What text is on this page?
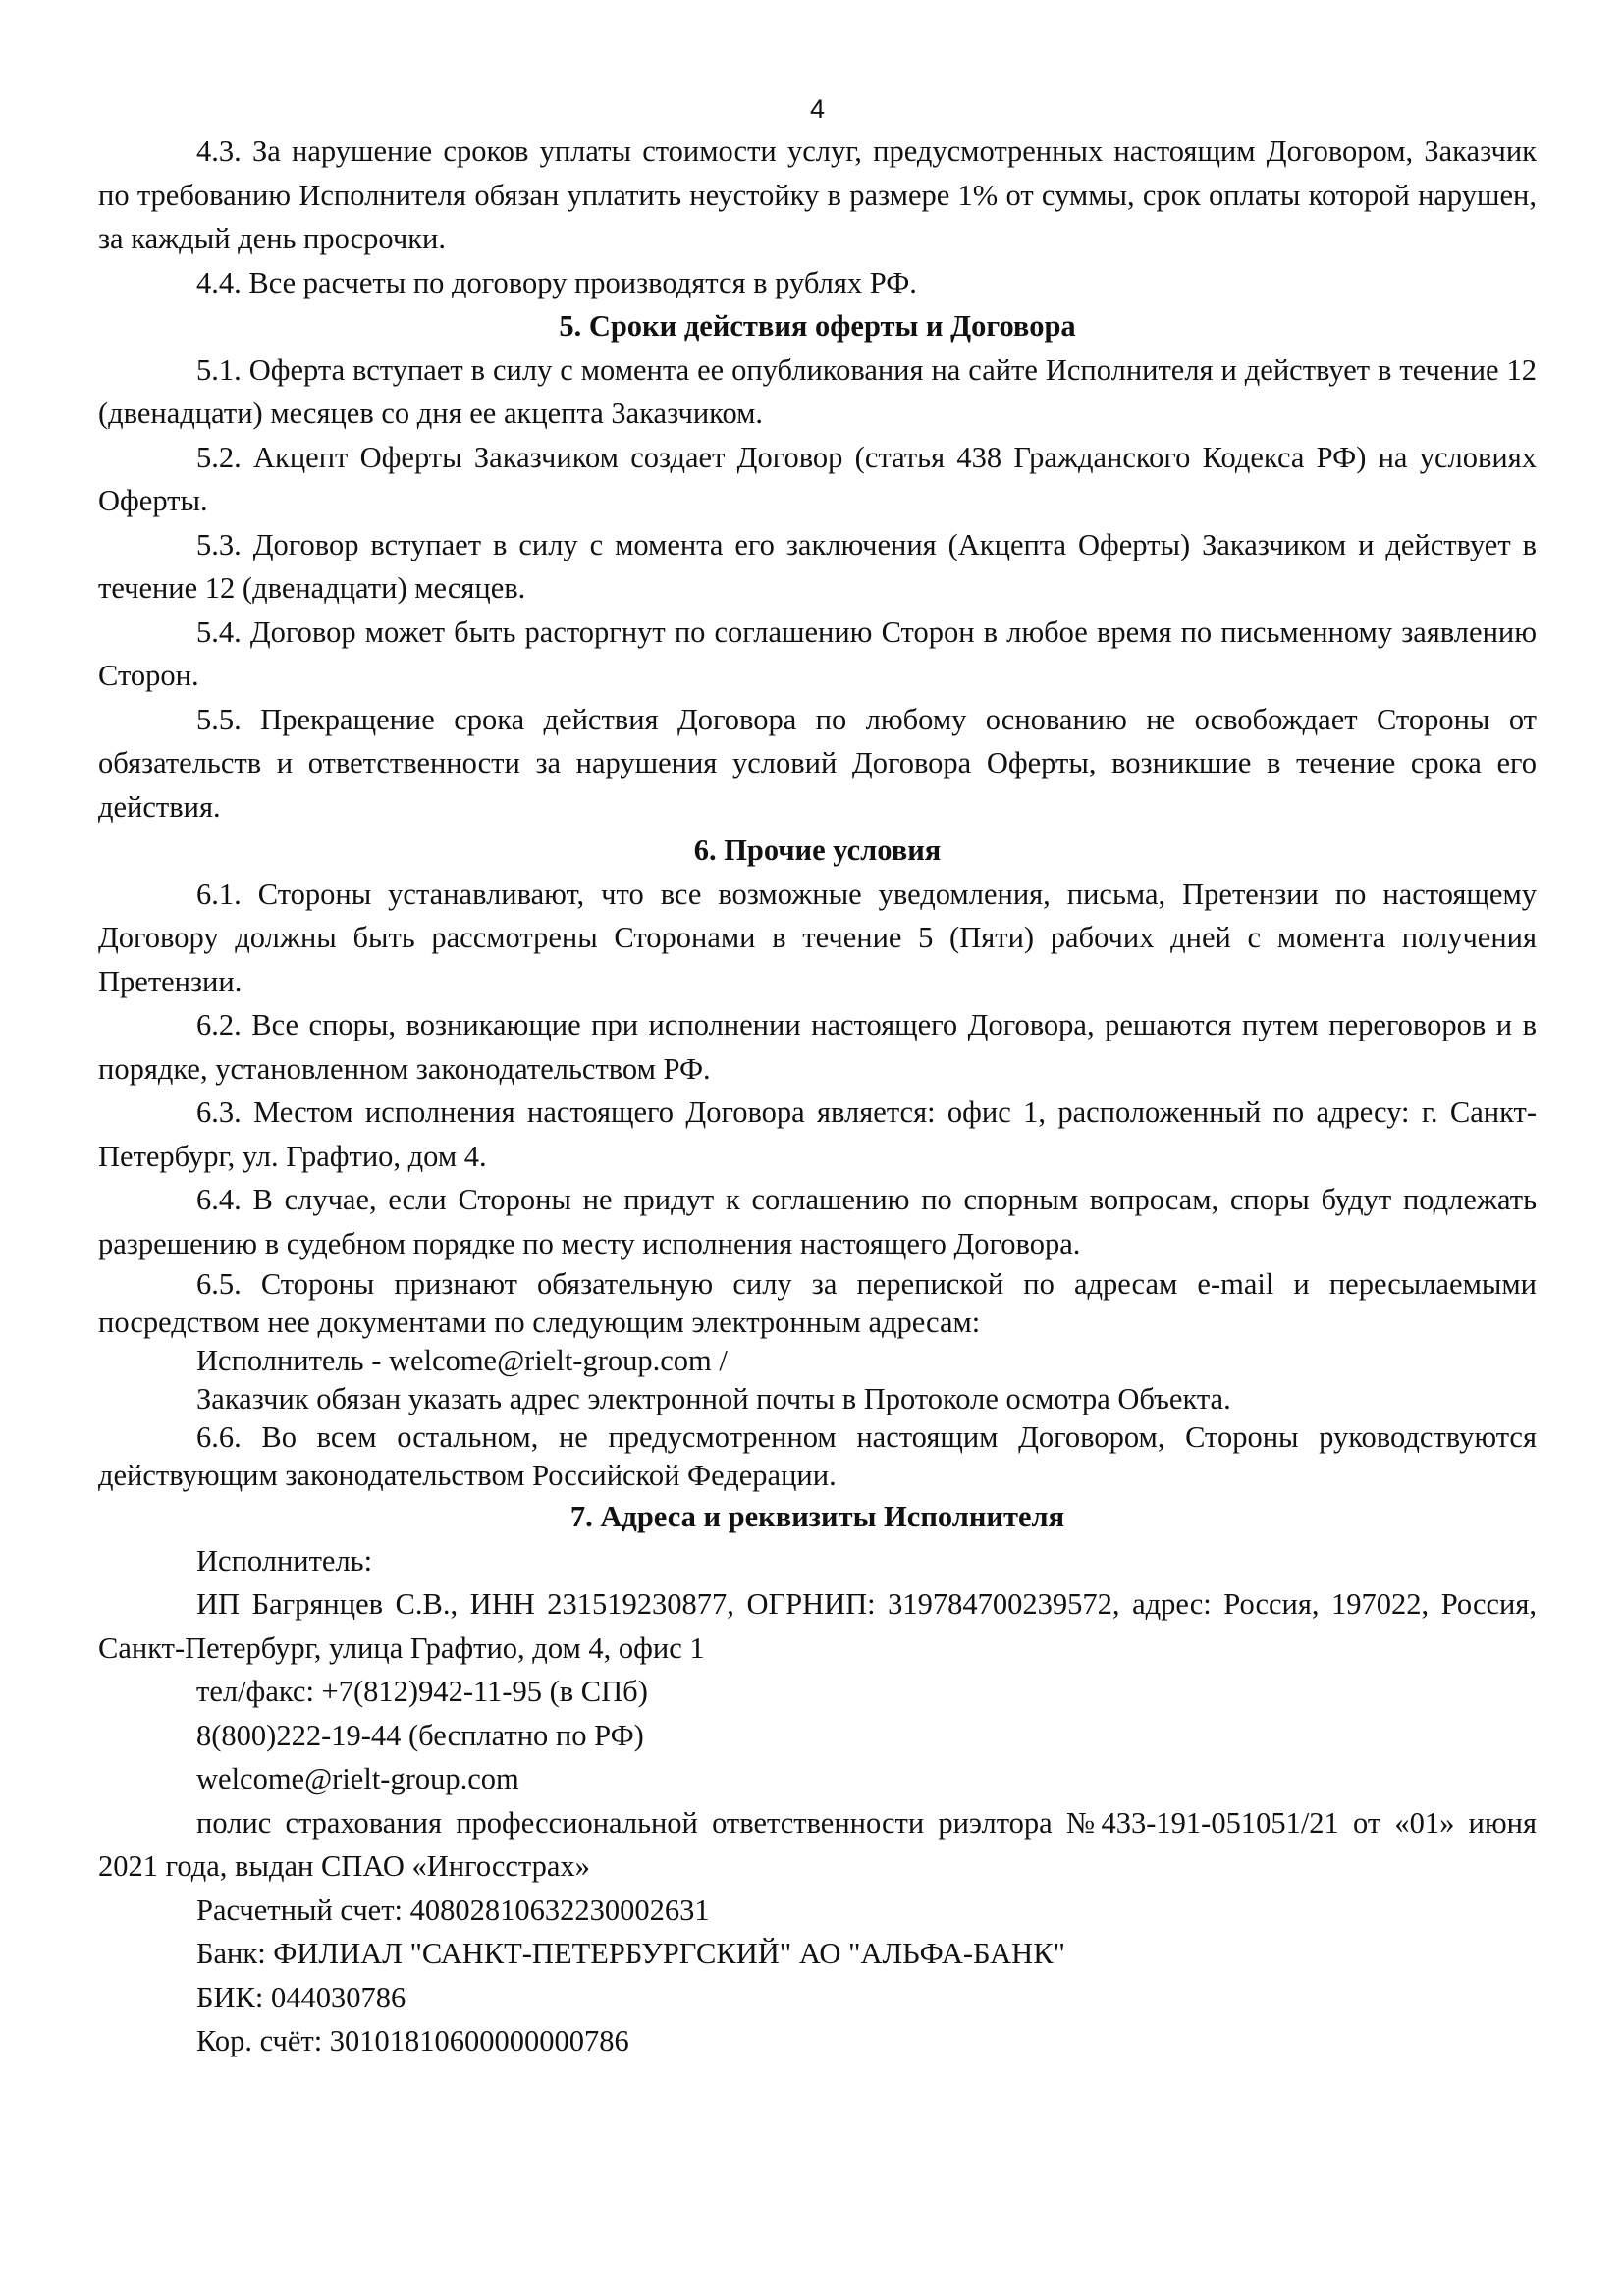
4

4.3. За нарушение сроков уплаты стоимости услуг, предусмотренных настоящим Договором, Заказчик по требованию Исполнителя обязан уплатить неустойку в размере 1% от суммы, срок оплаты которой нарушен, за каждый день просрочки.

4.4. Все расчеты по договору производятся в рублях РФ.

5. Сроки действия оферты и Договора

5.1. Оферта вступает в силу с момента ее опубликования на сайте Исполнителя и действует в течение 12 (двенадцати) месяцев со дня ее акцепта Заказчиком.

5.2. Акцепт Оферты Заказчиком создает Договор (статья 438 Гражданского Кодекса РФ) на условиях Оферты.

5.3. Договор вступает в силу с момента его заключения (Акцепта Оферты) Заказчиком и действует в течение 12 (двенадцати) месяцев.

5.4. Договор может быть расторгнут по соглашению Сторон в любое время по письменному заявлению Сторон.

5.5. Прекращение срока действия Договора по любому основанию не освобождает Стороны от обязательств и ответственности за нарушения условий Договора Оферты, возникшие в течение срока его действия.

6. Прочие условия

6.1. Стороны устанавливают, что все возможные уведомления, письма, Претензии по настоящему Договору должны быть рассмотрены Сторонами в течение 5 (Пяти) рабочих дней с момента получения Претензии.

6.2. Все споры, возникающие при исполнении настоящего Договора, решаются путем переговоров и в порядке, установленном законодательством РФ.

6.3. Местом исполнения настоящего Договора является: офис 1, расположенный по адресу: г. Санкт-Петербург, ул. Графтио, дом 4.

6.4. В случае, если Стороны не придут к соглашению по спорным вопросам, споры будут подлежать разрешению в судебном порядке по месту исполнения настоящего Договора.

6.5. Стороны признают обязательную силу за перепиской по адресам e-mail и пересылаемыми посредством нее документами по следующим электронным адресам:

Исполнитель - welcome@rielt-group.com /

Заказчик обязан указать адрес электронной почты в Протоколе осмотра Объекта.

6.6. Во всем остальном, не предусмотренном настоящим Договором, Стороны руководствуются действующим законодательством Российской Федерации.

7. Адреса и реквизиты Исполнителя

Исполнитель:

ИП Багрянцев С.В., ИНН 231519230877, ОГРНИП: 319784700239572, адрес: Россия, 197022, Россия, Санкт-Петербург, улица Графтио, дом 4, офис 1

тел/факс: +7(812)942-11-95 (в СПб)

8(800)222-19-44 (бесплатно по РФ)

welcome@rielt-group.com

полис страхования профессиональной ответственности риэлтора №433-191-051051/21 от «01» июня 2021 года, выдан СПАО «Ингосстрах»

Расчетный счет: 40802810632230002631

Банк: ФИЛИАЛ "САНКТ-ПЕТЕРБУРГСКИЙ" АО "АЛЬФА-БАНК"

БИК: 044030786

Кор. счёт: 30101810600000000786
